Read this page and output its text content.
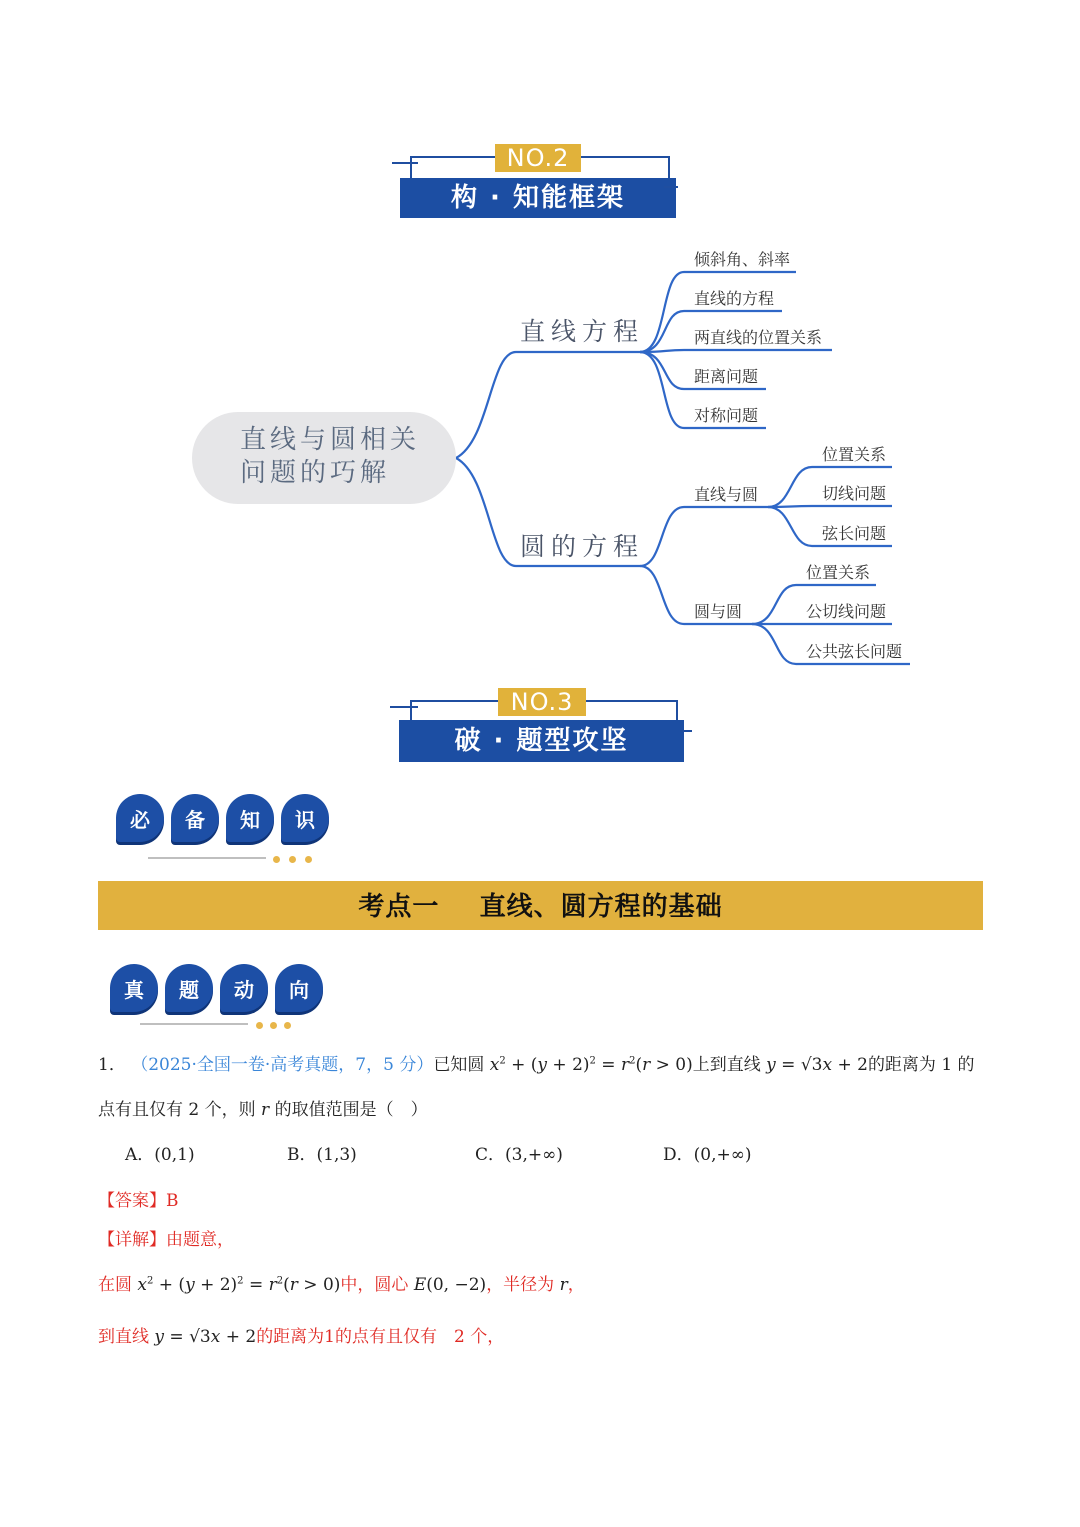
NO.2
构 · 知能框架
直线与圆相关
问题的巧解
直线方程
圆的方程
倾斜角、斜率
直线的方程
两直线的位置关系
距离问题
对称问题
直线与圆
圆与圆
位置关系
切线问题
弦长问题
位置关系
公切线问题
公共弦长问题
NO.3
破 · 题型攻坚
必	备	知	识
考点一    直线、圆方程的基础
真	题	动	向
1． （2025·全国一卷·高考真题，7，5 分）已知圆 $x^2 + (y + 2)^2 = r^2(r > 0)$上到直线 y = √3x + 2的距离为 1 的
点有且仅有 2 个，则 r 的取值范围是（　）
A．(0,1)	B．(1,3)	C．(3,+∞)	D．(0,+∞)
【答案】B
【详解】由题意，
在圆 $x^2 + (y + 2)^2 = r^2(r > 0)$中，圆心 E(0, −2)，半径为 r，
到直线 y = √3x + 2的距离为1的点有且仅有　2 个，
